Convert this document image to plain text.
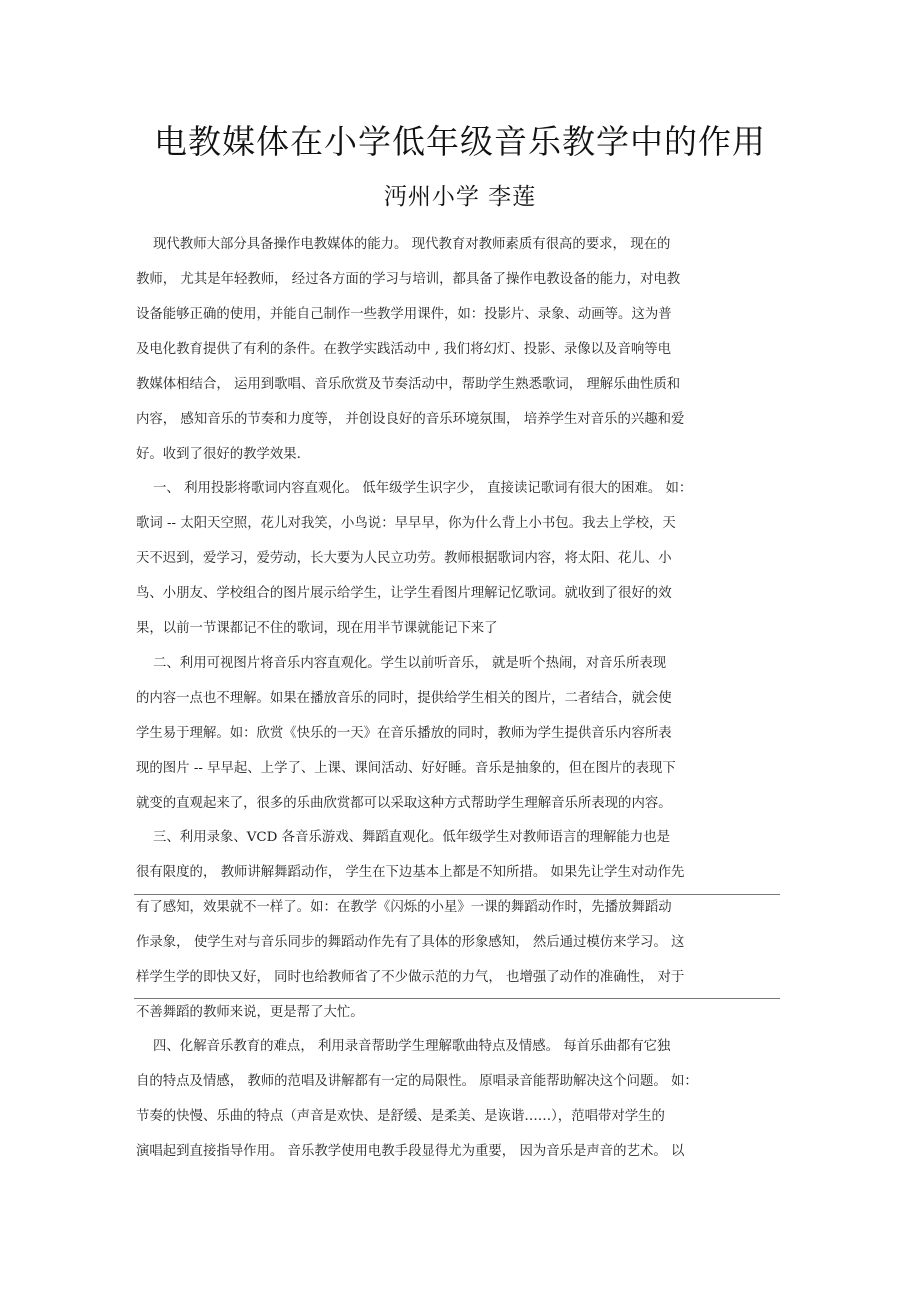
电教媒体在小学低年级音乐教学中的作用
沔州小学 李莲
现代教师大部分具备操作电教媒体的能力。 现代教育对教师素质有很高的要求， 现在的
教师， 尤其是年轻教师， 经过各方面的学习与培训，都具备了操作电教设备的能力，对电教
设备能够正确的使用，并能自己制作一些教学用课件，如：投影片、录象、动画等。这为普
及电化教育提供了有利的条件。在教学实践活动中 , 我们将幻灯、投影、录像以及音响等电
教媒体相结合， 运用到歌唱、音乐欣赏及节奏活动中，帮助学生熟悉歌词， 理解乐曲性质和
内容， 感知音乐的节奏和力度等， 并创设良好的音乐环境氛围， 培养学生对音乐的兴趣和爱
好。收到了很好的教学效果.
一、 利用投影将歌词内容直观化。 低年级学生识字少， 直接读记歌词有很大的困难。 如：
歌词 -- 太阳天空照，花儿对我笑，小鸟说：早早早，你为什么背上小书包。我去上学校，天
天不迟到，爱学习，爱劳动，长大要为人民立功劳。教师根据歌词内容，将太阳、花儿、小
鸟、小朋友、学校组合的图片展示给学生，让学生看图片理解记忆歌词。就收到了很好的效
果，以前一节课都记不住的歌词，现在用半节课就能记下来了
二、利用可视图片将音乐内容直观化。学生以前听音乐， 就是听个热闹，对音乐所表现
的内容一点也不理解。如果在播放音乐的同时，提供给学生相关的图片，二者结合，就会使
学生易于理解。如：欣赏《快乐的一天》在音乐播放的同时，教师为学生提供音乐内容所表
现的图片 -- 早早起、上学了、上课、课间活动、好好睡。音乐是抽象的，但在图片的表现下
就变的直观起来了，很多的乐曲欣赏都可以采取这种方式帮助学生理解音乐所表现的内容。
三、利用录象、VCD 各音乐游戏、舞蹈直观化。低年级学生对教师语言的理解能力也是
很有限度的， 教师讲解舞蹈动作， 学生在下边基本上都是不知所措。 如果先让学生对动作先
有了感知，效果就不一样了。如：在教学《闪烁的小星》一课的舞蹈动作时，先播放舞蹈动
作录象， 使学生对与音乐同步的舞蹈动作先有了具体的形象感知， 然后通过模仿来学习。 这
样学生学的即快又好， 同时也给教师省了不少做示范的力气， 也增强了动作的准确性， 对于
不善舞蹈的教师来说，更是帮了大忙。
四、化解音乐教育的难点， 利用录音帮助学生理解歌曲特点及情感。 每首乐曲都有它独
自的特点及情感， 教师的范唱及讲解都有一定的局限性。 原唱录音能帮助解决这个问题。 如：
节奏的快慢、乐曲的特点（声音是欢快、是舒缓、是柔美、是诙谐……），范唱带对学生的
演唱起到直接指导作用。 音乐教学使用电教手段显得尤为重要， 因为音乐是声音的艺术。 以
